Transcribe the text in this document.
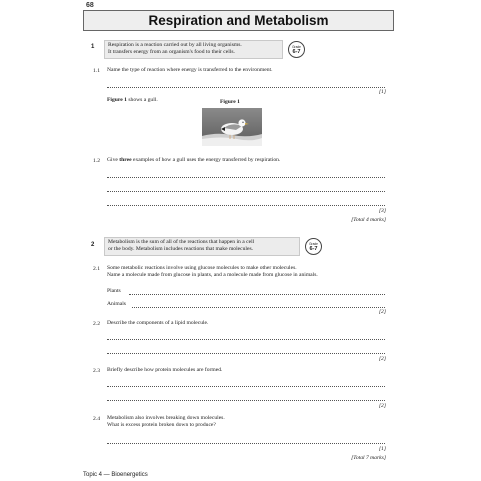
68
Respiration and Metabolism
1 Respiration is a reaction carried out by all living organisms.
It transfers energy from an organism's food to their cells.
Grade
6-7
1.1 Name the type of reaction where energy is transferred to the environment.
[1]
Figure 1 shows a gull.	Figure 1
1.2 Give three examples of how a gull uses the energy transferred by respiration.
[3]
[Total 4 marks]
2 Metabolism is the sum of all of the reactions that happen in a cell
or the body. Metabolism includes reactions that make molecules.
Grade
6-7
2.1 Some metabolic reactions involve using glucose molecules to make other molecules.
Name a molecule made from glucose in plants, and a molecule made from glucose in animals.
Plants
Animals
[2]
2.2 Describe the components of a lipid molecule.
[2]
2.3 Briefly describe how protein molecules are formed.
[2]
2.4 Metabolism also involves breaking down molecules.
What is excess protein broken down to produce?
[1]
[Total 7 marks]
Topic 4 — Bioenergetics
